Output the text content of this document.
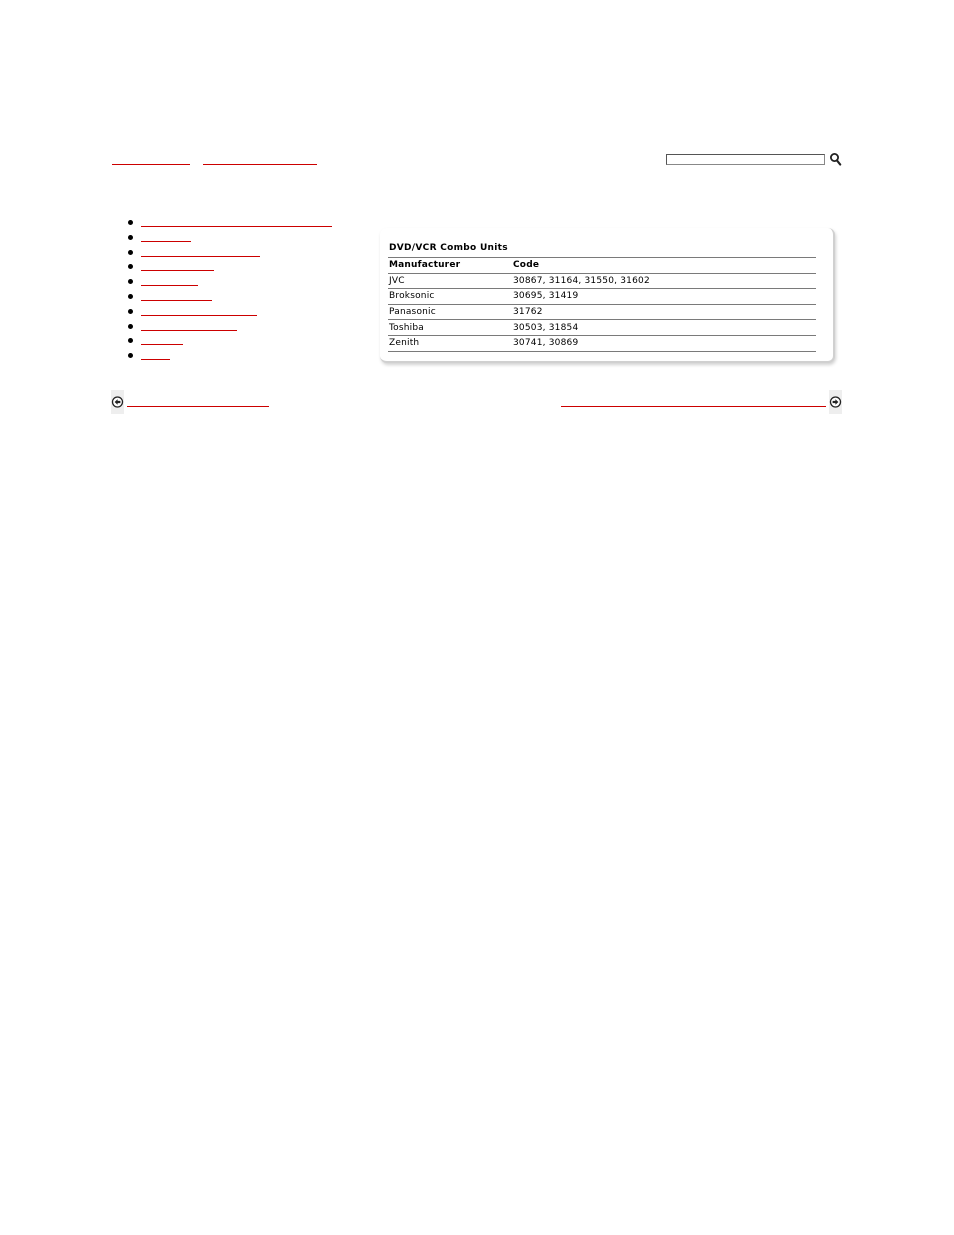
DVD/VCR Combo Units
Manufacturer	Code
JVC	30867, 31164, 31550, 31602
Broksonic	30695, 31419
Panasonic	31762
Toshiba	30503, 31854
Zenith	30741, 30869
